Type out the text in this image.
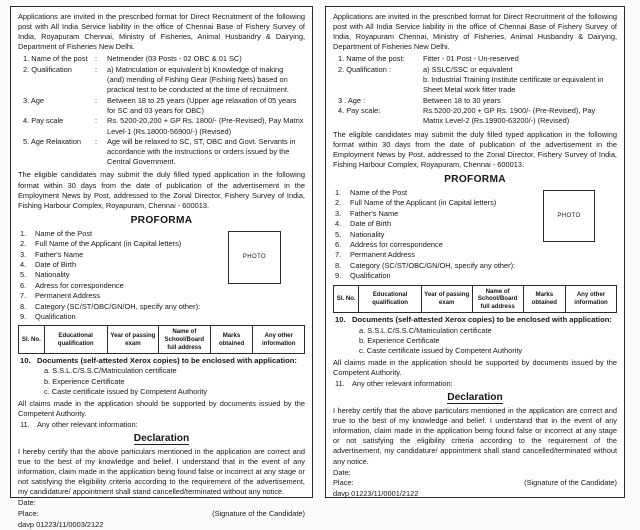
Applications are invited in the prescribed format for Direct Recruitment of the following post with All India Service liability in the office of Chennai Base of Fishery Survey of India, Royapuram Chennai, Ministry of Fisheries, Animal Husbandry & Dairying, Department of Fisheries New Delhi.

1. Name of the post	:	Netmender (03 Posts - 02 OBC & 01 SC)
2. Qualification	:	a) Matriculation or equivalent b) Knowledge of making
(and) mending of Fishing Gear (Fishing Nets) based on
practical test to be conducted at the time of recruitment.
3. Age	:	Between 18 to 25 years (Upper age relaxation of 05 years
for SC and 03 years for OBC)
4. Pay scale	:	Rs. 5200-20,200 + GP Rs. 1800/- (Pre-Revised), Pay Matrix
Level-1 (Rs.18000-56900/-) (Revised)
5. Age Relaxation	:	Age will be relaxed to SC, ST, OBC and Govt. Servants in
accordance with the instructions or orders issued by the
Central Government.

The eligible candidates may submit the duly filled typed application in the following format within 30 days from the date of publication of the advertisement in the Employment News by Post, addressed to the Zonal Director, Fishery Survey of India, Fishing Harbour Complex, Royapuram, Chennai - 600013.

PROFORMA
PHOTO
1.	Name of the Post
2.	Full Name of the Applicant (in Capital letters)
3.	Father's Name
4.	Date of Birth
5.	Nationality
6.	Adress for correspondence
7.	Permanent Address
8.	Category (SC/ST/OBC/GN/OH, specify any other):
9.	Qualification
Sl. No.	Educational qualification	Year of passing exam	Name of School/Board full address	Marks obtained	Any other information
10. Documents (self-attested Xerox copies) to be enclosed with application:
a. S.S.L.C/S.S.C/Matriculation certificate
b. Experience Certificate
c. Caste certificate issued by Competent Authority

All claims made in the application should be supported by documents issued by the Competent Authority.

11. Any other relevant information:
Declaration

I hereby certify that the above particulars mentioned in the application are correct and true to the best of my knowledge and belief. I understand that in the event of any information, claim made in the application being found false or incorrect at any stage or not satisfying the eligibility criteria according to the requirement of the advertisement, my candidature/ appointment shall stand cancelled/terminated without any notice.

Date:
Place:	(Signature of the Candidate)
davp 01223/11/0003/2122

Applications are invited in the prescribed format for Direct Recruitment of the following post with All India Service liability in the office of Chennai Base of Fishery Survey of India, Royapuram Chennai, Ministry of Fisheries, Animal Husbandry & Dairying, Department of Fisheries New Delhi.

1. Name of the post:	Fitter - 01 Post - Un-reserved
2. Qualification :	a) SSLC/SSC or equivalent
b. Industrial Training Institute certificate or equivalent in
Sheet Metal work fitter trade
3 . Age :	Between 18 to 30 years
4. Pay scale:	Rs.5200-20,200 + GP Rs. 1900/- (Pre-Revised), Pay
Matrix Level-2 (Rs.19900-63200/-) (Revised)

The eligible candidates may submit the duly filled typed application in the following format within 30 days from the date of publication of the advertisement in the Employment News by Post, addressed to the Zonal Director, Fishery Survey of India, Fishing Harbour Complex, Royapuram, Chennai - 600013.

PROFORMA
PHOTO
1.	Name of the Post
2.	Full Name of the Applicant (in Capital letters)
3.	Father's Name
4.	Date of Birth
5.	Nationality
6.	Address for correspondence
7.	Permanent Address
8.	Category (SC/ST/OBC/GN/OH, specify any other):
9.	Qualification
Sl. No.	Educational qualification	Year of passing exam	Name of School/Board full address	Marks obtained	Any other information
10. Documents (self-attested Xerox copies) to be enclosed with application:
a. S.S.L.C/S.S.C/Matriculation certificate
b. Experience Certificate
c. Caste certificate issued by Competent Authority

All claims made in the application should be supported by documents issued by the Competent Authority.

11. Any other relevant information:
Declaration

I hereby certify that the above particulars mentioned in the application are correct and true to the best of my knowledge and belief. I understand that in the event of any information, claim made in the application being found false or incorrect at any stage or not satisfying the eligibility criteria according to the requirement of the advertisement, my candidature/ appointment shall stand cancelled/terminated without any notice.

Date:
Place:	(Signature of the Candidate)
davp 01223/11/0001/2122
